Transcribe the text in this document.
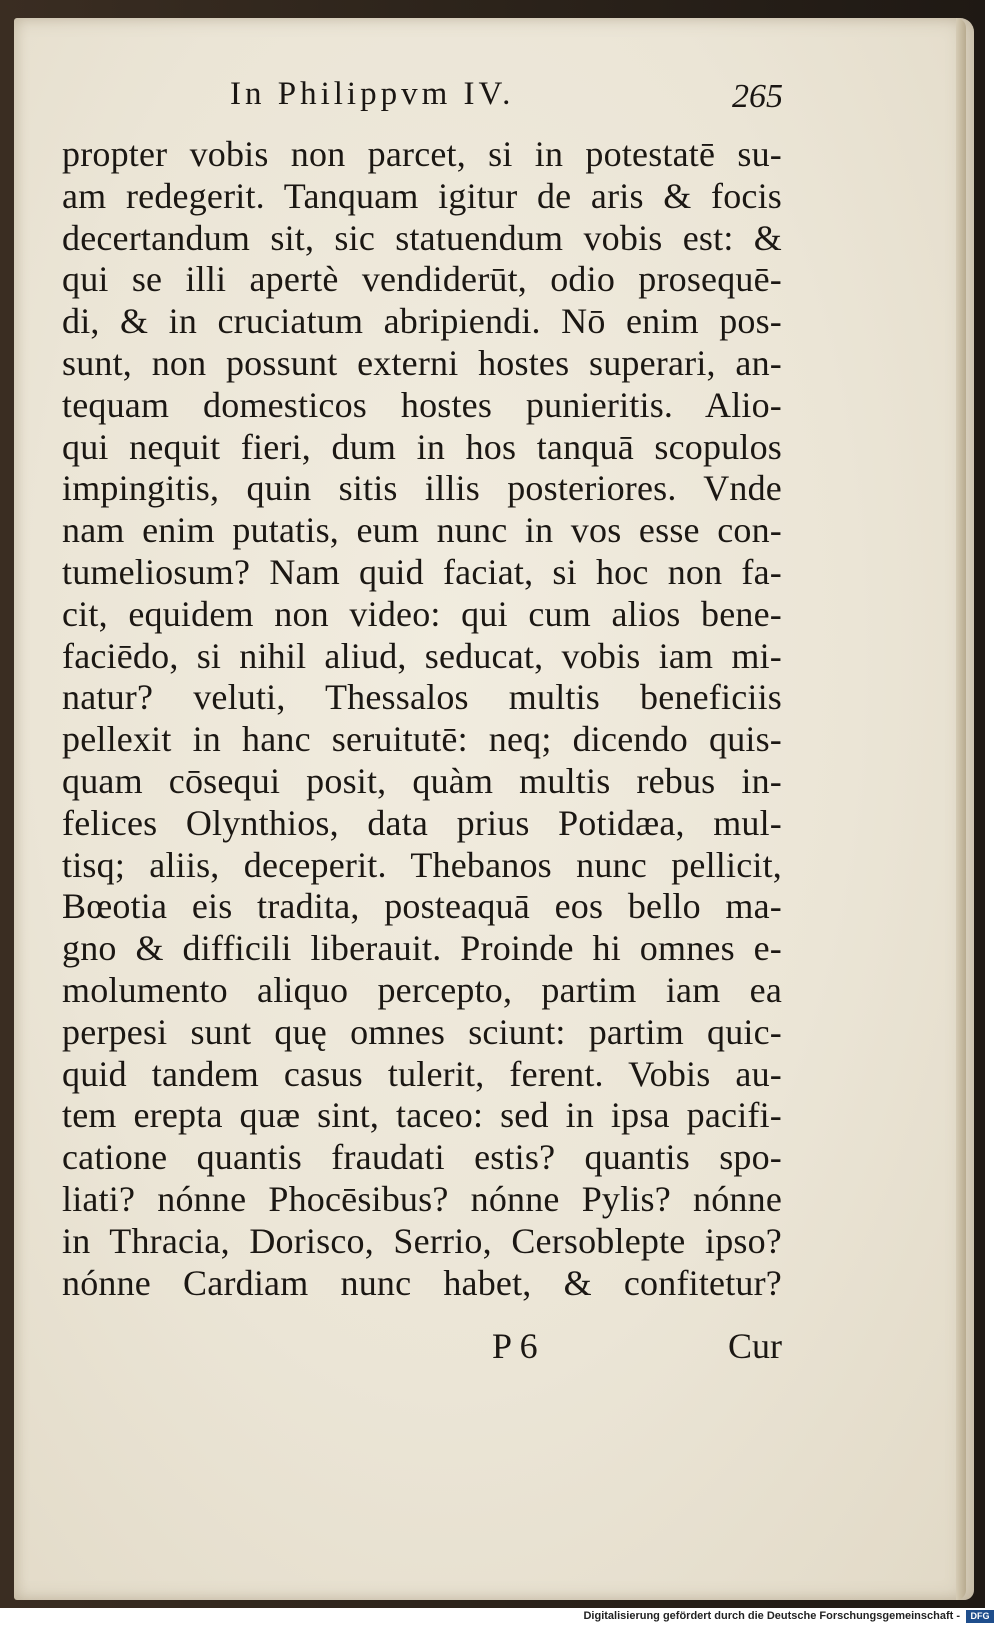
In Philippvm IV.	265
propter vobis non parcet, si in potestatē su-
am redegerit. Tanquam igitur de aris & focis
decertandum sit, sic statuendum vobis est: &
qui se illi apertè vendiderūt, odio prosequē-
di, & in cruciatum abripiendi. Nō enim pos-
sunt, non possunt externi hostes superari, an-
tequam domesticos hostes punieritis. Alio-
qui nequit fieri, dum in hos tanquā scopulos
impingitis, quin sitis illis posteriores. Vnde
nam enim putatis, eum nunc in vos esse con-
tumeliosum? Nam quid faciat, si hoc non fa-
cit, equidem non video: qui cum alios bene-
faciēdo, si nihil aliud, seducat, vobis iam mi-
natur? veluti, Thessalos multis beneficiis
pellexit in hanc seruitutē: neq; dicendo quis-
quam cōsequi posit, quàm multis rebus in-
felices Olynthios, data prius Potidæa, mul-
tisq; aliis, deceperit. Thebanos nunc pellicit,
Bœotia eis tradita, posteaquā eos bello ma-
gno & difficili liberauit. Proinde hi omnes e-
molumento aliquo percepto, partim iam ea
perpesi sunt quę omnes sciunt: partim quic-
quid tandem casus tulerit, ferent. Vobis au-
tem erepta quæ sint, taceo: sed in ipsa pacifi-
catione quantis fraudati estis? quantis spo-
liati? nónne Phocēsibus? nónne Pylis? nónne
in Thracia, Dorisco, Serrio, Cersoblepte ipso?
nónne Cardiam nunc habet, & confitetur?
P 6	Cur
Digitalisierung gefördert durch die Deutsche Forschungsgemeinschaft -	DFG
